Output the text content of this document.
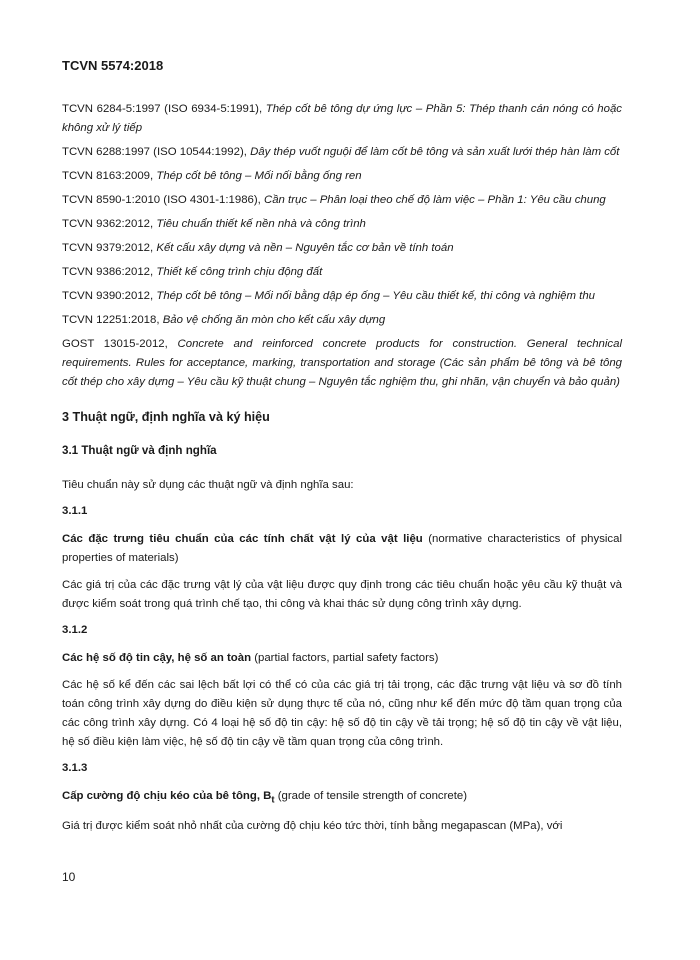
TCVN 5574:2018
TCVN 6284-5:1997 (ISO 6934-5:1991), Thép cốt bê tông dự ứng lực – Phần 5: Thép thanh cán nóng có hoặc không xử lý tiếp
TCVN 6288:1997 (ISO 10544:1992), Dây thép vuốt nguội để làm cốt bê tông và sản xuất lưới thép hàn làm cốt
TCVN 8163:2009, Thép cốt bê tông – Mối nối bằng ống ren
TCVN 8590-1:2010 (ISO 4301-1:1986), Cần trục – Phân loại theo chế độ làm việc – Phần 1: Yêu cầu chung
TCVN 9362:2012, Tiêu chuẩn thiết kế nền nhà và công trình
TCVN 9379:2012, Kết cấu xây dựng và nền – Nguyên tắc cơ bản về tính toán
TCVN 9386:2012, Thiết kế công trình chịu động đất
TCVN 9390:2012, Thép cốt bê tông – Mối nối bằng dập ép ống – Yêu cầu thiết kế, thi công và nghiệm thu
TCVN 12251:2018, Bảo vệ chống ăn mòn cho kết cấu xây dựng
GOST 13015-2012, Concrete and reinforced concrete products for construction. General technical requirements. Rules for acceptance, marking, transportation and storage (Các sản phẩm bê tông và bê tông cốt thép cho xây dựng – Yêu cầu kỹ thuật chung – Nguyên tắc nghiệm thu, ghi nhãn, vận chuyển và bảo quản)
3 Thuật ngữ, định nghĩa và ký hiệu
3.1 Thuật ngữ và định nghĩa
Tiêu chuẩn này sử dụng các thuật ngữ và định nghĩa sau:
3.1.1
Các đặc trưng tiêu chuẩn của các tính chất vật lý của vật liệu (normative characteristics of physical properties of materials)
Các giá trị của các đặc trưng vật lý của vật liệu được quy định trong các tiêu chuẩn hoặc yêu cầu kỹ thuật và được kiểm soát trong quá trình chế tạo, thi công và khai thác sử dụng công trình xây dựng.
3.1.2
Các hệ số độ tin cậy, hệ số an toàn (partial factors, partial safety factors)
Các hệ số kể đến các sai lệch bất lợi có thể có của các giá trị tải trọng, các đặc trưng vật liệu và sơ đồ tính toán công trình xây dựng do điều kiện sử dụng thực tế của nó, cũng như kể đến mức độ tầm quan trọng của các công trình xây dựng. Có 4 loại hệ số độ tin cậy: hệ số độ tin cậy về tải trọng; hệ số độ tin cậy về vật liệu, hệ số điều kiện làm việc, hệ số độ tin cậy về tầm quan trọng của công trình.
3.1.3
Cấp cường độ chịu kéo của bê tông, $B_t$ (grade of tensile strength of concrete)
Giá trị được kiểm soát nhỏ nhất của cường độ chịu kéo tức thời, tính bằng megapascan (MPa), với
10
